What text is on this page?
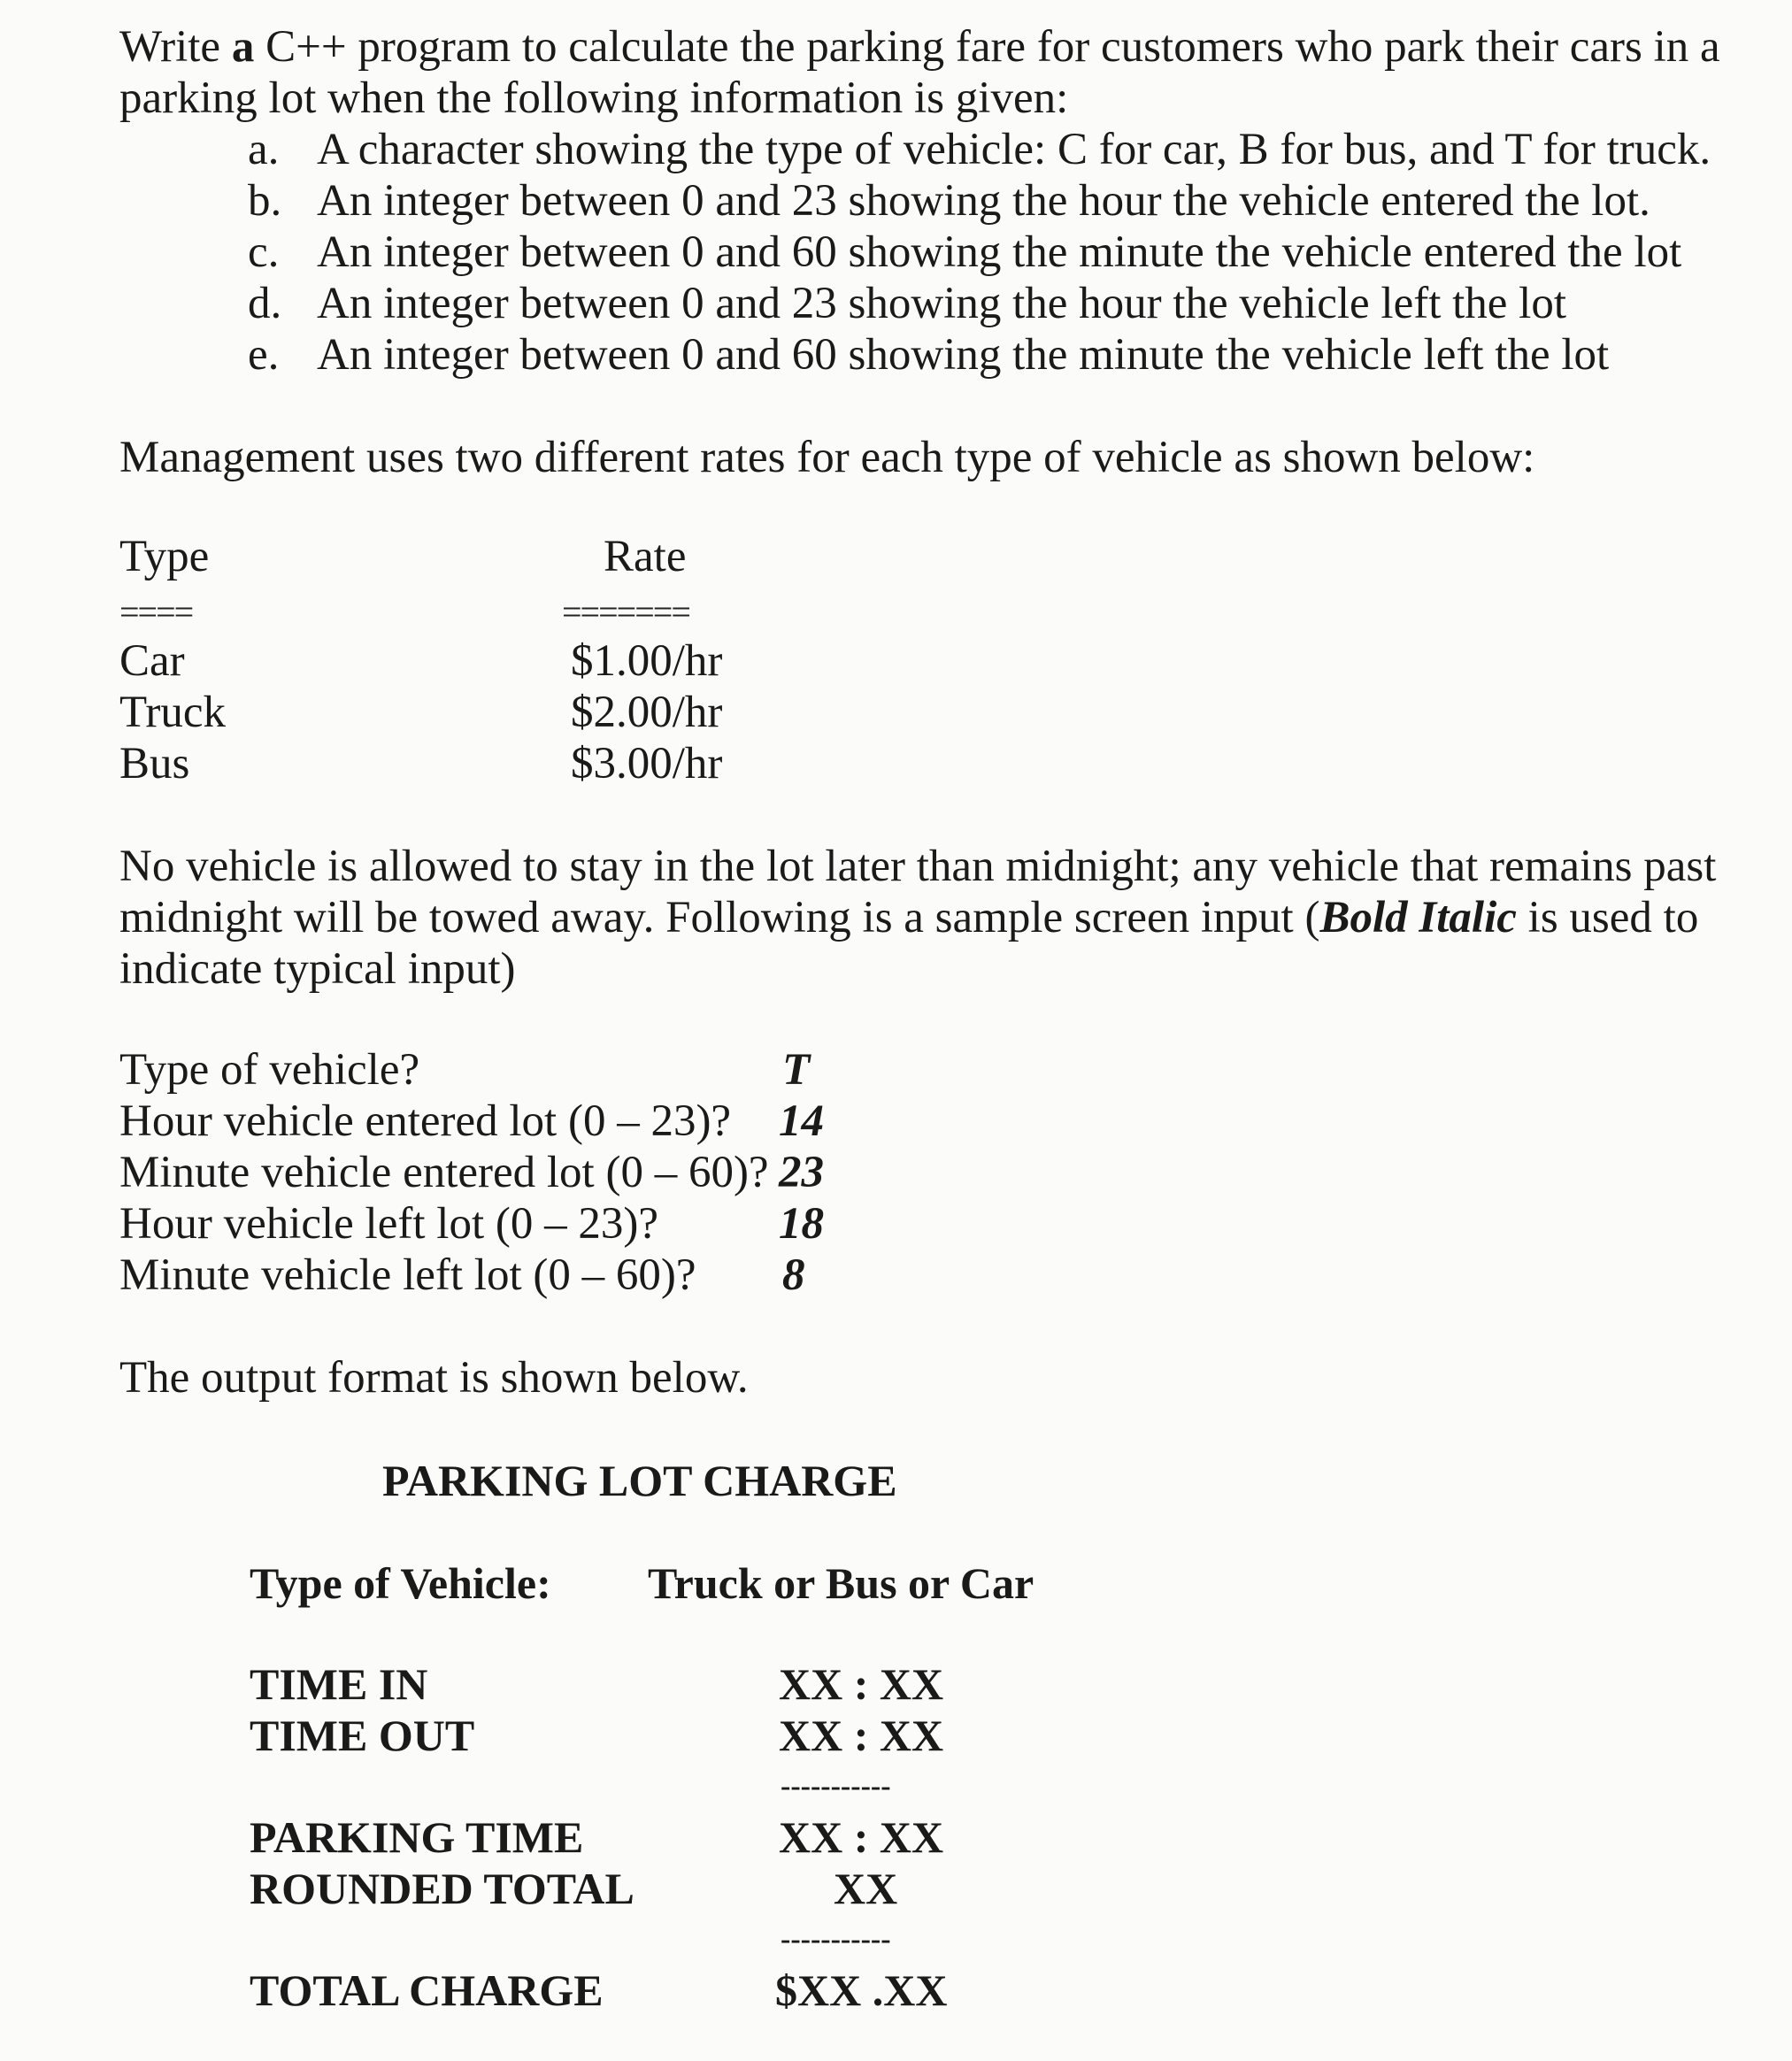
Write a C++ program to calculate the parking fare for customers who park their cars in a
parking lot when the following information is given:
a. A character showing the type of vehicle: C for car, B for bus, and T for truck.
b. An integer between 0 and 23 showing the hour the vehicle entered the lot.
c. An integer between 0 and 60 showing the minute the vehicle entered the lot
d. An integer between 0 and 23 showing the hour the vehicle left the lot
e. An integer between 0 and 60 showing the minute the vehicle left the lot
Management uses two different rates for each type of vehicle as shown below:
Type	Rate
====	=======
Car	$1.00/hr
Truck	$2.00/hr
Bus	$3.00/hr
No vehicle is allowed to stay in the lot later than midnight; any vehicle that remains past
midnight will be towed away. Following is a sample screen input (Bold Italic is used to
indicate typical input)
Type of vehicle?	T
Hour vehicle entered lot (0 – 23)? 14
Minute vehicle entered lot (0 – 60)? 23
Hour vehicle left lot (0 – 23)?	18
Minute vehicle left lot (0 – 60)? 8
The output format is shown below.
PARKING LOT CHARGE
Type of Vehicle: Truck or Bus or Car
TIME IN	XX : XX
TIME OUT	XX : XX
-----------
PARKING TIME	XX : XX
ROUNDED TOTAL	XX
-----------
TOTAL CHARGE	$XX .XX
